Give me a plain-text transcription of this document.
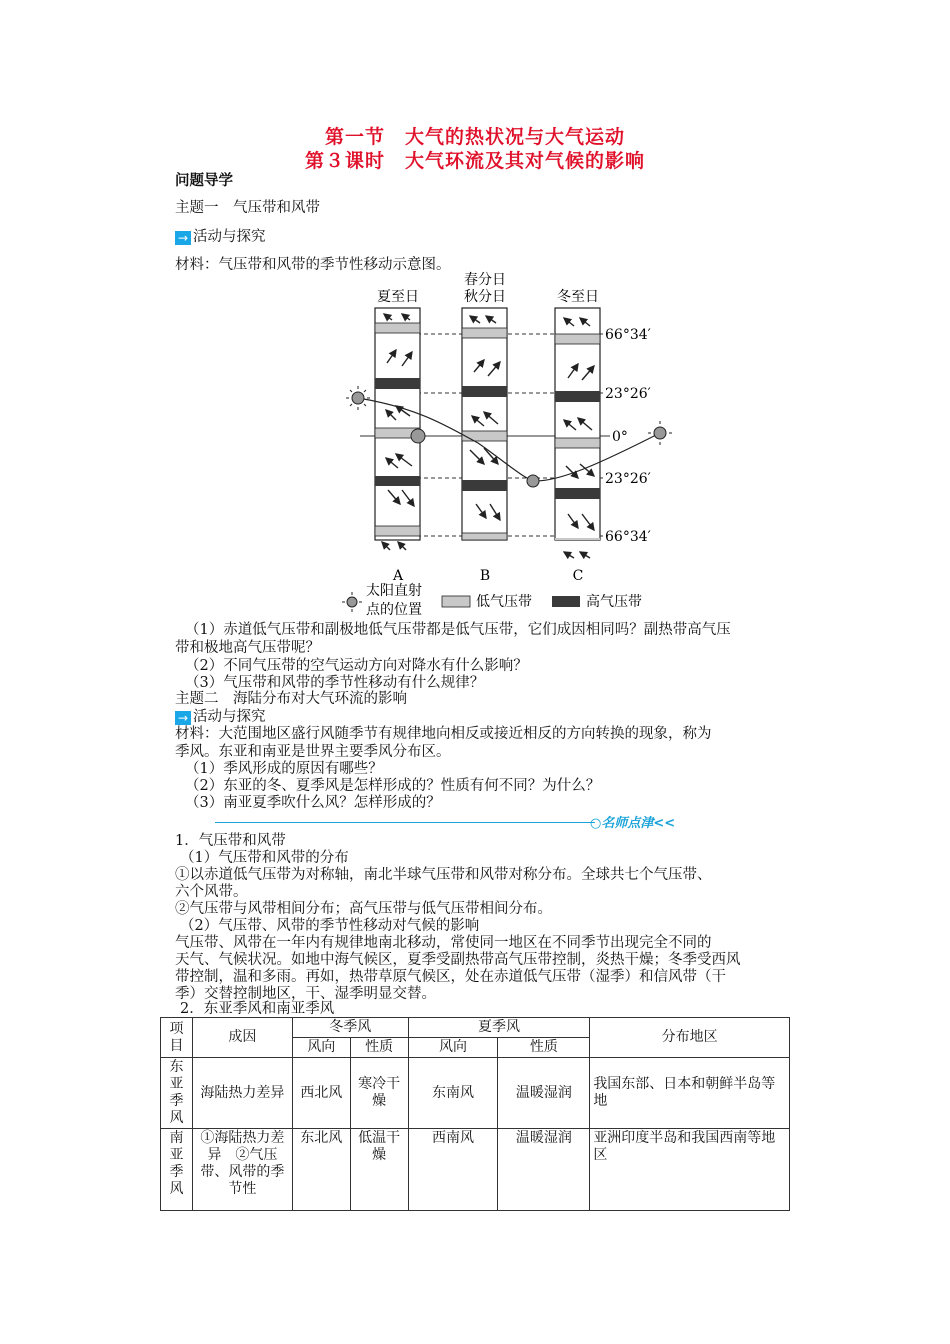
第一节　大气的热状况与大气运动
第３课时　大气环流及其对气候的影响
问题导学
主题一　气压带和风带
→ 活动与探究
材料：气压带和风带的季节性移动示意图。
夏至日
春分日
秋分日	冬至日
66°34′
23°26′
0°
23°26′
66°34′
A	B	C
太阳直射
点的位置	低气压带	高气压带
（1）赤道低气压带和副极地低气压带都是低气压带，它们成因相同吗？副热带高气压
带和极地高气压带呢？
（2）不同气压带的空气运动方向对降水有什么影响？
（3）气压带和风带的季节性移动有什么规律？
主题二　海陆分布对大气环流的影响
→ 活动与探究
材料：大范围地区盛行风随季节有规律地向相反或接近相反的方向转换的现象，称为
季风。东亚和南亚是世界主要季风分布区。
（1）季风形成的原因有哪些？
（2）东亚的冬、夏季风是怎样形成的？性质有何不同？为什么？
（3）南亚夏季吹什么风？怎样形成的？
○名师点津<<
1．气压带和风带
（1）气压带和风带的分布
①以赤道低气压带为对称轴，南北半球气压带和风带对称分布。全球共七个气压带、
六个风带。
②气压带与风带相间分布；高气压带与低气压带相间分布。
（2）气压带、风带的季节性移动对气候的影响
气压带、风带在一年内有规律地南北移动，常使同一地区在不同季节出现完全不同的
天气、气候状况。如地中海气候区，夏季受副热带高气压带控制，炎热干燥；冬季受西风
带控制，温和多雨。再如，热带草原气候区，处在赤道低气压带（湿季）和信风带（干
季）交替控制地区，干、湿季明显交替。
2．东亚季风和南亚季风
项目	成因	冬季风		夏季风		分布地区
		风向	性质	风向	性质	
东亚季风	海陆热力差异	西北风	寒冷干燥	东南风	温暖湿润	我国东部、日本和朝鲜半岛等地
南亚季风	①海陆热力差异　②气压带、风带的季节性	东北风	低温干燥	西南风	温暖湿润	亚洲印度半岛和我国西南等地区
